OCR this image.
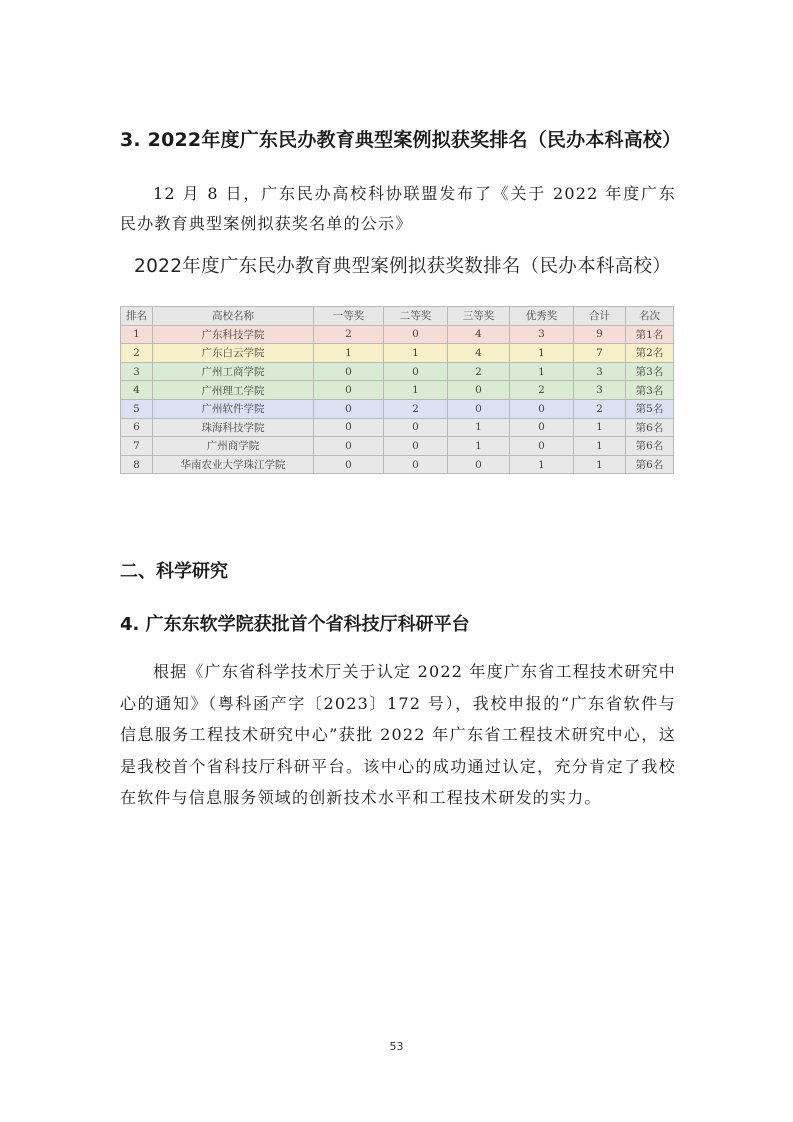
3. 2022年度广东民办教育典型案例拟获奖排名（民办本科高校）
12 月 8 日，广东民办高校科协联盟发布了《关于 2022 年度广东民办教育典型案例拟获奖名单的公示》
2022年度广东民办教育典型案例拟获奖数排名（民办本科高校）
排名	高校名称	一等奖	二等奖	三等奖	优秀奖	合计	名次
1	广东科技学院	2	0	4	3	9	第1名
2	广东白云学院	1	1	4	1	7	第2名
3	广州工商学院	0	0	2	1	3	第3名
4	广州理工学院	0	1	0	2	3	第3名
5	广州软件学院	0	2	0	0	2	第5名
6	珠海科技学院	0	0	1	0	1	第6名
7	广州商学院	0	0	1	0	1	第6名
8	华南农业大学珠江学院	0	0	0	1	1	第6名
二、科学研究
4. 广东东软学院获批首个省科技厅科研平台
根据《广东省科学技术厅关于认定 2022 年度广东省工程技术研究中心的通知》（粤科函产字〔2023〕172 号），我校申报的“广东省软件与信息服务工程技术研究中心”获批 2022 年广东省工程技术研究中心，这是我校首个省科技厅科研平台。该中心的成功通过认定，充分肯定了我校在软件与信息服务领域的创新技术水平和工程技术研发的实力。
53
